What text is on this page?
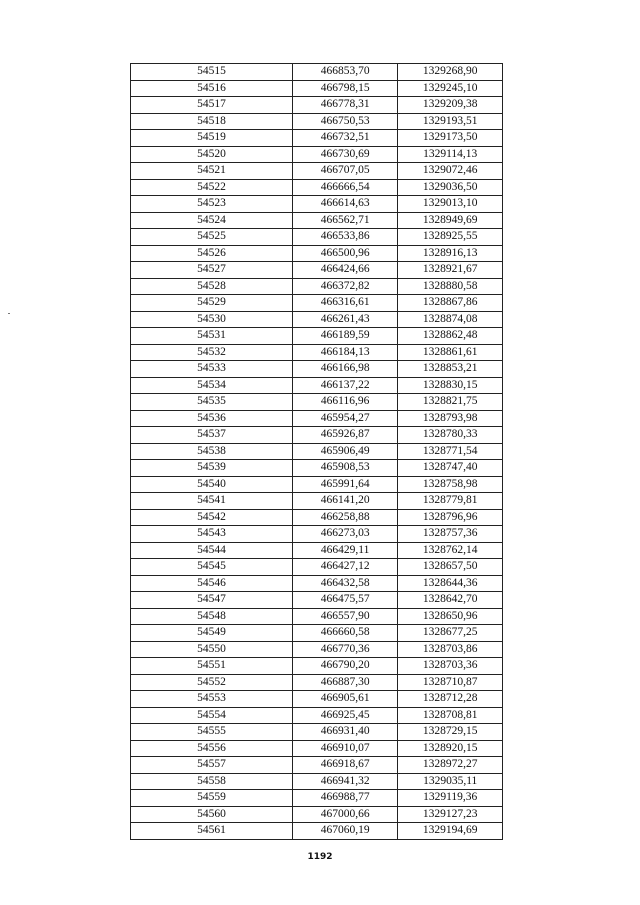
54515	466853,70	1329268,90
54516	466798,15	1329245,10
54517	466778,31	1329209,38
54518	466750,53	1329193,51
54519	466732,51	1329173,50
54520	466730,69	1329114,13
54521	466707,05	1329072,46
54522	466666,54	1329036,50
54523	466614,63	1329013,10
54524	466562,71	1328949,69
54525	466533,86	1328925,55
54526	466500,96	1328916,13
54527	466424,66	1328921,67
54528	466372,82	1328880,58
54529	466316,61	1328867,86
54530	466261,43	1328874,08
54531	466189,59	1328862,48
54532	466184,13	1328861,61
54533	466166,98	1328853,21
54534	466137,22	1328830,15
54535	466116,96	1328821,75
54536	465954,27	1328793,98
54537	465926,87	1328780,33
54538	465906,49	1328771,54
54539	465908,53	1328747,40
54540	465991,64	1328758,98
54541	466141,20	1328779,81
54542	466258,88	1328796,96
54543	466273,03	1328757,36
54544	466429,11	1328762,14
54545	466427,12	1328657,50
54546	466432,58	1328644,36
54547	466475,57	1328642,70
54548	466557,90	1328650,96
54549	466660,58	1328677,25
54550	466770,36	1328703,86
54551	466790,20	1328703,36
54552	466887,30	1328710,87
54553	466905,61	1328712,28
54554	466925,45	1328708,81
54555	466931,40	1328729,15
54556	466910,07	1328920,15
54557	466918,67	1328972,27
54558	466941,32	1329035,11
54559	466988,77	1329119,36
54560	467000,66	1329127,23
54561	467060,19	1329194,69
1192
